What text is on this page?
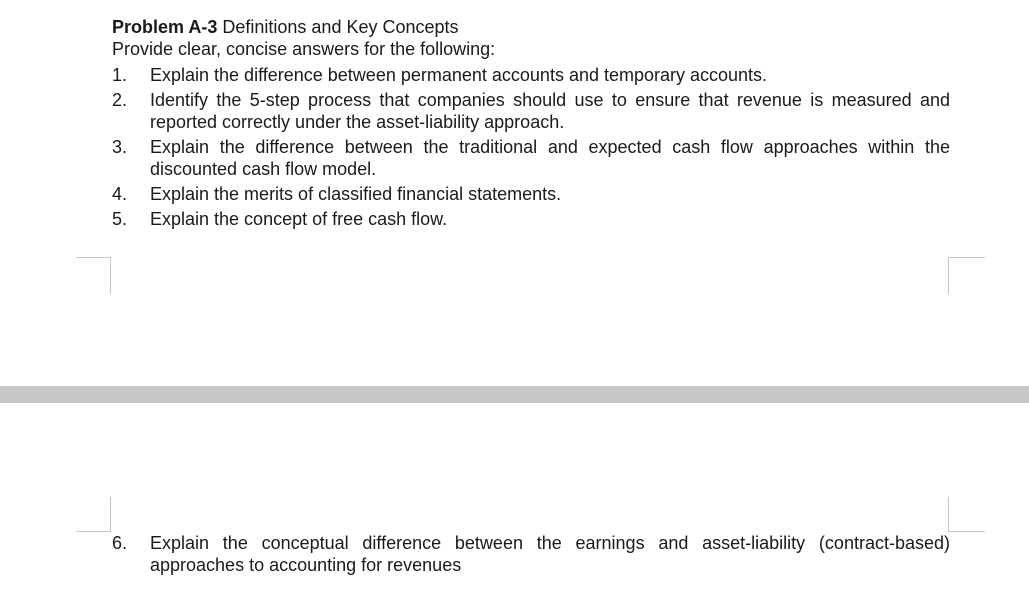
Problem A-3 Definitions and Key Concepts
Provide clear, concise answers for the following:
1. Explain the difference between permanent accounts and temporary accounts.
2. Identify the 5-step process that companies should use to ensure that revenue is measured and reported correctly under the asset-liability approach.
3. Explain the difference between the traditional and expected cash flow approaches within the discounted cash flow model.
4. Explain the merits of classified financial statements.
5. Explain the concept of free cash flow.
6. Explain the conceptual difference between the earnings and asset-liability (contract-based) approaches to accounting for revenues
